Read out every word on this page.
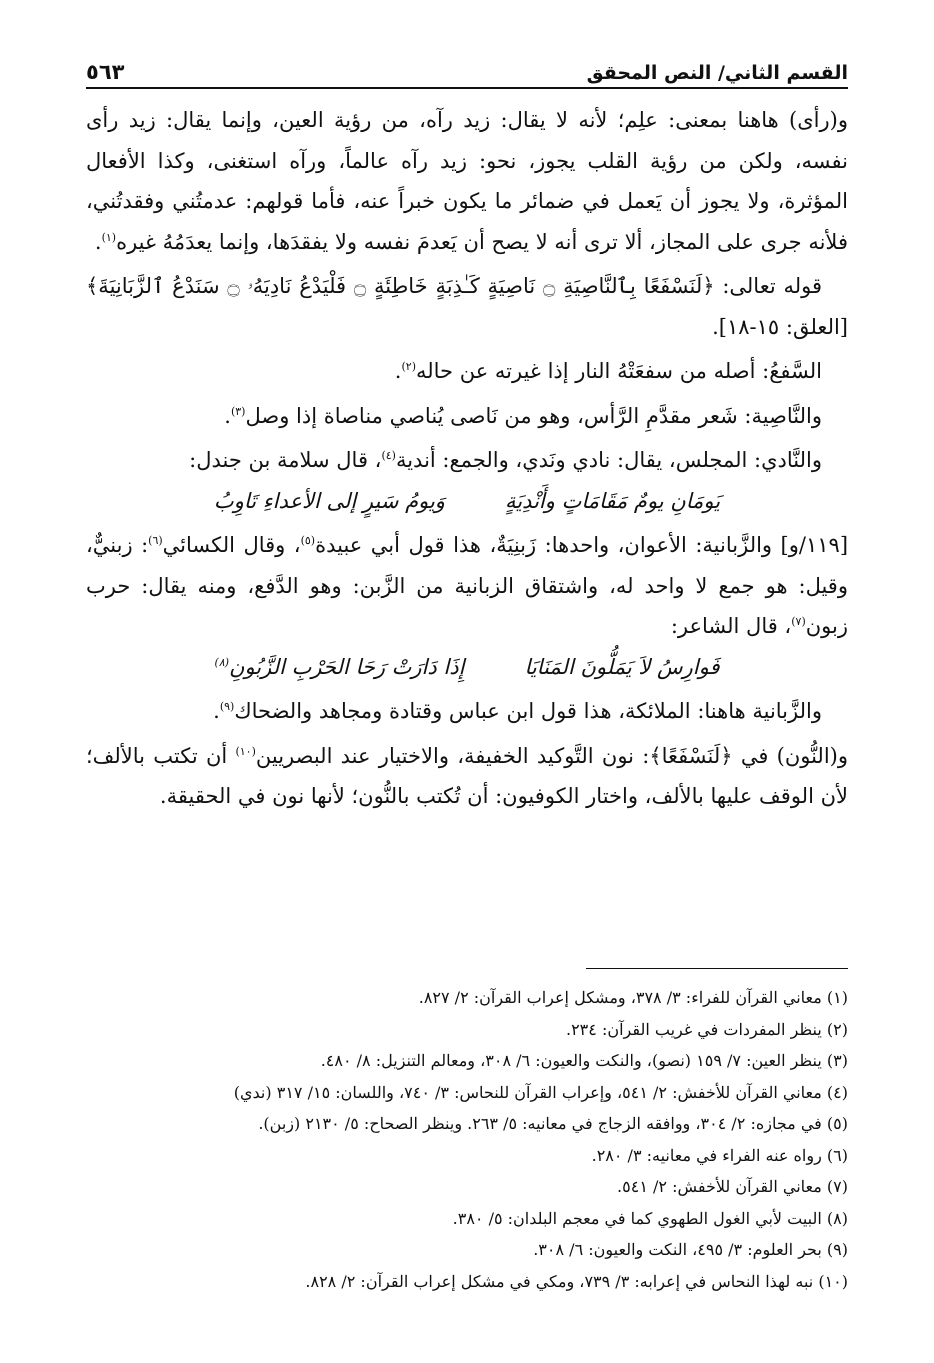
القسم الثاني/ النص المحقق
٥٦٣

و(رأى) هاهنا بمعنى: علِم؛ لأنه لا يقال: زيد رآه، من رؤية العين، وإنما يقال: زيد رأى نفسه، ولكن من رؤية القلب يجوز، نحو: زيد رآه عالماً، ورآه استغنى، وكذا الأفعال المؤثرة، ولا يجوز أن يَعمل في ضمائر ما يكون خبراً عنه، فأما قولهم: عدمتُني وفقدتُني، فلأنه جرى على المجاز، ألا ترى أنه لا يصح أن يَعدمَ نفسه ولا يفقدَها، وإنما يعدَمُهُ غيره$^{(١)}$.

قوله تعالى: ﴿لَنَسْفَعًا بِٱلنَّاصِيَةِ ۝ نَاصِيَةٍ كَـٰذِبَةٍ خَاطِئَةٍ ۝ فَلْيَدْعُ نَادِيَهُۥ ۝ سَنَدْعُ ٱلزَّبَانِيَةَ﴾ [العلق: ١٥-١٨].

السَّفعُ: أصله من سفعَتْهُ النار إذا غيرته عن حاله$^{(٢)}$.

والنَّاصِية: شَعر مقدَّمِ الرَّأس، وهو من نَاصى يُناصي مناصاة إذا وصل$^{(٣)}$.

والنَّادي: المجلس، يقال: نادي ونَدي، والجمع: أندية$^{(٤)}$، قال سلامة بن جندل:

يَومَانِ يومٌ مَقَامَاتٍ وأَنْدِيَةٍ
وَيومُ سَيرٍ إلى الأعداءِ تَاوِبُ

[١١٩/و] والزَّبانية: الأعوان، واحدها: زَبنِيَةٌ، هذا قول أبي عبيدة$^{(٥)}$، وقال الكسائي$^{(٦)}$: زبنيٌّ، وقيل: هو جمع لا واحد له، واشتقاق الزبانية من الزَّبن: وهو الدَّفع، ومنه يقال: حرب زبون$^{(٧)}$، قال الشاعر:

فَوارِسُ لاَ يَمَلُّونَ المَنَايَا
إِذَا دَارَتْ رَحَا الحَرْبِ الزَّبُونِ$^{(٨)}$

والزَّبانية هاهنا: الملائكة، هذا قول ابن عباس وقتادة ومجاهد والضحاك$^{(٩)}$.

و(النُّون) في ﴿لَنَسْفَعًا﴾: نون التَّوكيد الخفيفة، والاختيار عند البصريين$^{(١٠)}$ أن تكتب بالألف؛ لأن الوقف عليها بالألف، واختار الكوفيون: أن تُكتب بالنُّون؛ لأنها نون في الحقيقة.

(١) معاني القرآن للفراء: ٣/ ٣٧٨، ومشكل إعراب القرآن: ٢/ ٨٢٧.
(٢) ينظر المفردات في غريب القرآن: ٢٣٤.
(٣) ينظر العين: ٧/ ١٥٩ (نصو)، والنكت والعيون: ٦/ ٣٠٨، ومعالم التنزيل: ٨/ ٤٨٠.
(٤) معاني القرآن للأخفش: ٢/ ٥٤١، وإعراب القرآن للنحاس: ٣/ ٧٤٠، واللسان: ١٥/ ٣١٧ (ندي)
(٥) في مجازه: ٢/ ٣٠٤، ووافقه الزجاج في معانيه: ٥/ ٢٦٣. وينظر الصحاح: ٥/ ٢١٣٠ (زبن).
(٦) رواه عنه الفراء في معانيه: ٣/ ٢٨٠.
(٧) معاني القرآن للأخفش: ٢/ ٥٤١.
(٨) البيت لأبي الغول الطهوي كما في معجم البلدان: ٥/ ٣٨٠.
(٩) بحر العلوم: ٣/ ٤٩٥، النكت والعيون: ٦/ ٣٠٨.
(١٠) نبه لهذا النحاس في إعرابه: ٣/ ٧٣٩، ومكي في مشكل إعراب القرآن: ٢/ ٨٢٨.
